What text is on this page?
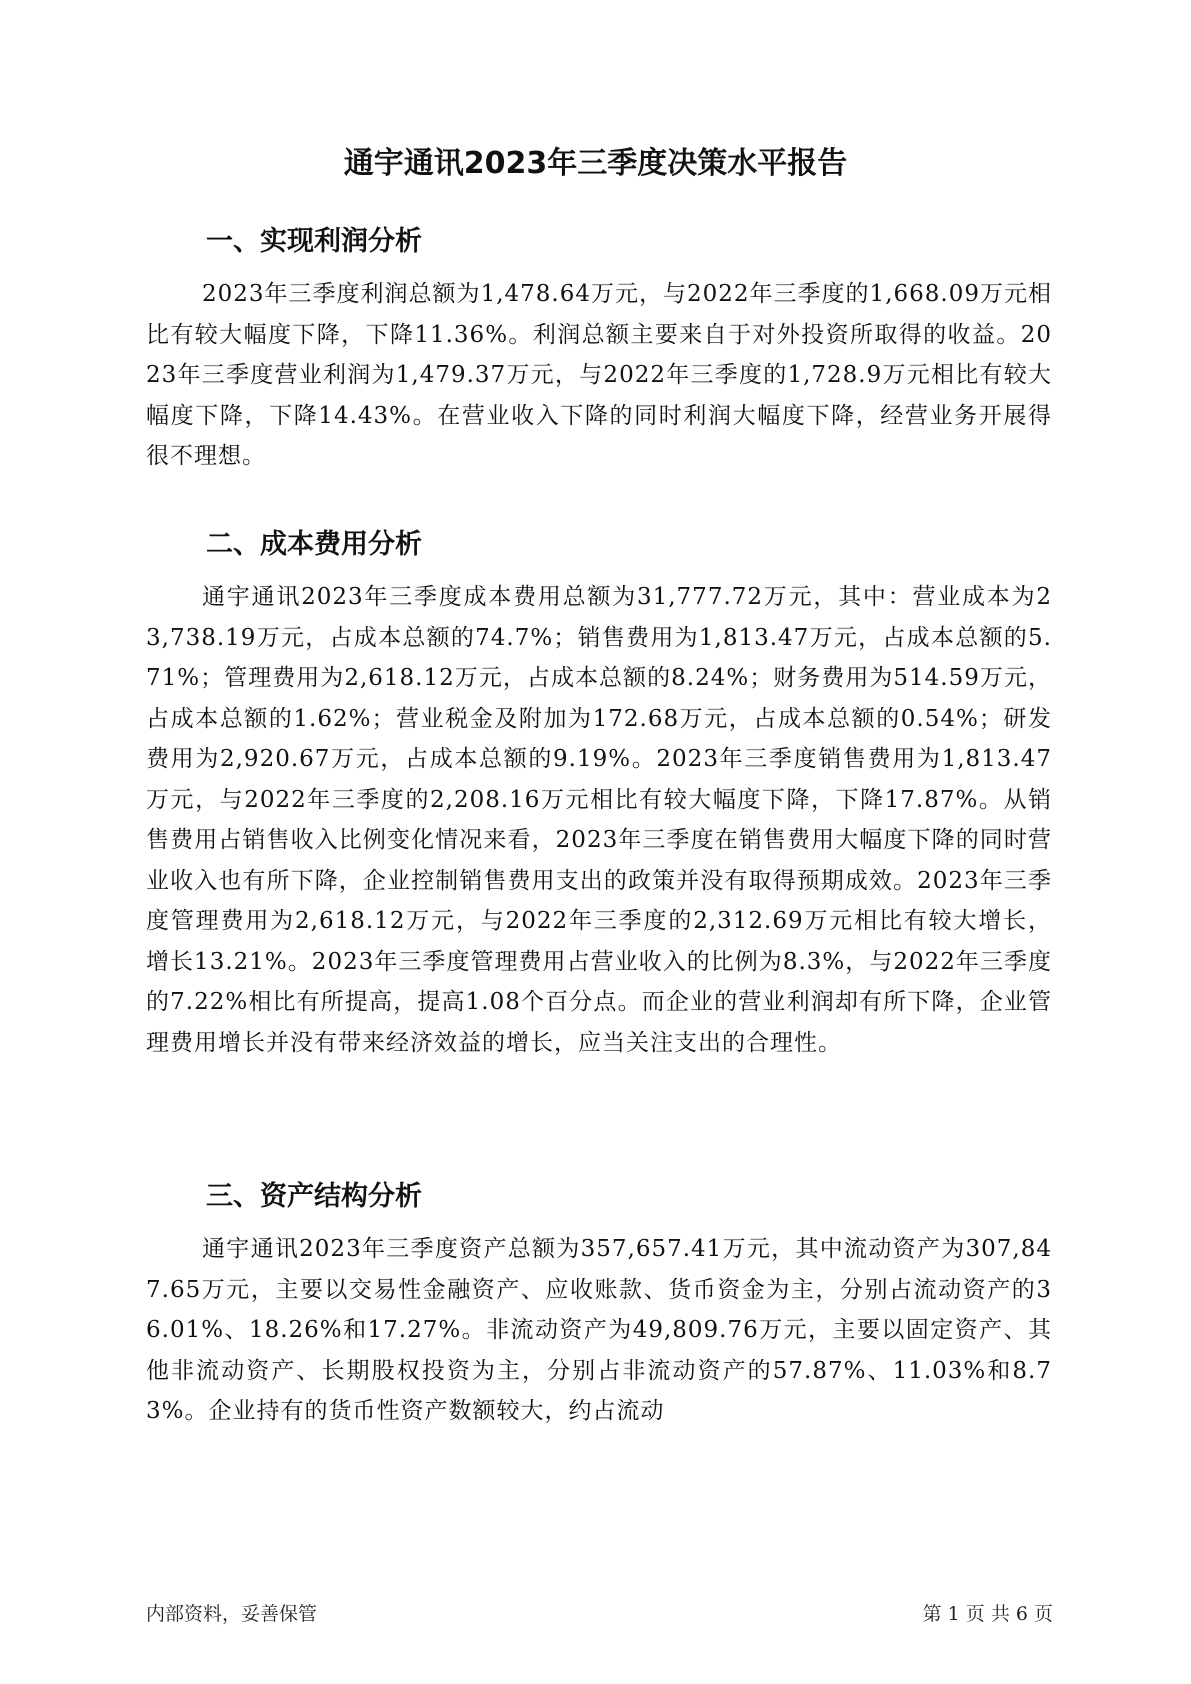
通宇通讯2023年三季度决策水平报告
一、实现利润分析

2023年三季度利润总额为1,478.64万元，与2022年三季度的1,668.09万元相比有较大幅度下降，下降11.36%。利润总额主要来自于对外投资所取得的收益。2023年三季度营业利润为1,479.37万元，与2022年三季度的1,728.9万元相比有较大幅度下降，下降14.43%。在营业收入下降的同时利润大幅度下降，经营业务开展得很不理想。

二、成本费用分析

通宇通讯2023年三季度成本费用总额为31,777.72万元，其中：营业成本为23,738.19万元，占成本总额的74.7%；销售费用为1,813.47万元，占成本总额的5.71%；管理费用为2,618.12万元，占成本总额的8.24%；财务费用为514.59万元，占成本总额的1.62%；营业税金及附加为172.68万元，占成本总额的0.54%；研发费用为2,920.67万元，占成本总额的9.19%。2023年三季度销售费用为1,813.47万元，与2022年三季度的2,208.16万元相比有较大幅度下降，下降17.87%。从销售费用占销售收入比例变化情况来看，2023年三季度在销售费用大幅度下降的同时营业收入也有所下降，企业控制销售费用支出的政策并没有取得预期成效。2023年三季度管理费用为2,618.12万元，与2022年三季度的2,312.69万元相比有较大增长，增长13.21%。2023年三季度管理费用占营业收入的比例为8.3%，与2022年三季度的7.22%相比有所提高，提高1.08个百分点。而企业的营业利润却有所下降，企业管理费用增长并没有带来经济效益的增长，应当关注支出的合理性。

三、资产结构分析

通宇通讯2023年三季度资产总额为357,657.41万元，其中流动资产为307,847.65万元，主要以交易性金融资产、应收账款、货币资金为主，分别占流动资产的36.01%、18.26%和17.27%。非流动资产为49,809.76万元，主要以固定资产、其他非流动资产、长期股权投资为主，分别占非流动资产的57.87%、11.03%和8.73%。企业持有的货币性资产数额较大，约占流动

内部资料，妥善保管	第 1 页 共 6 页
